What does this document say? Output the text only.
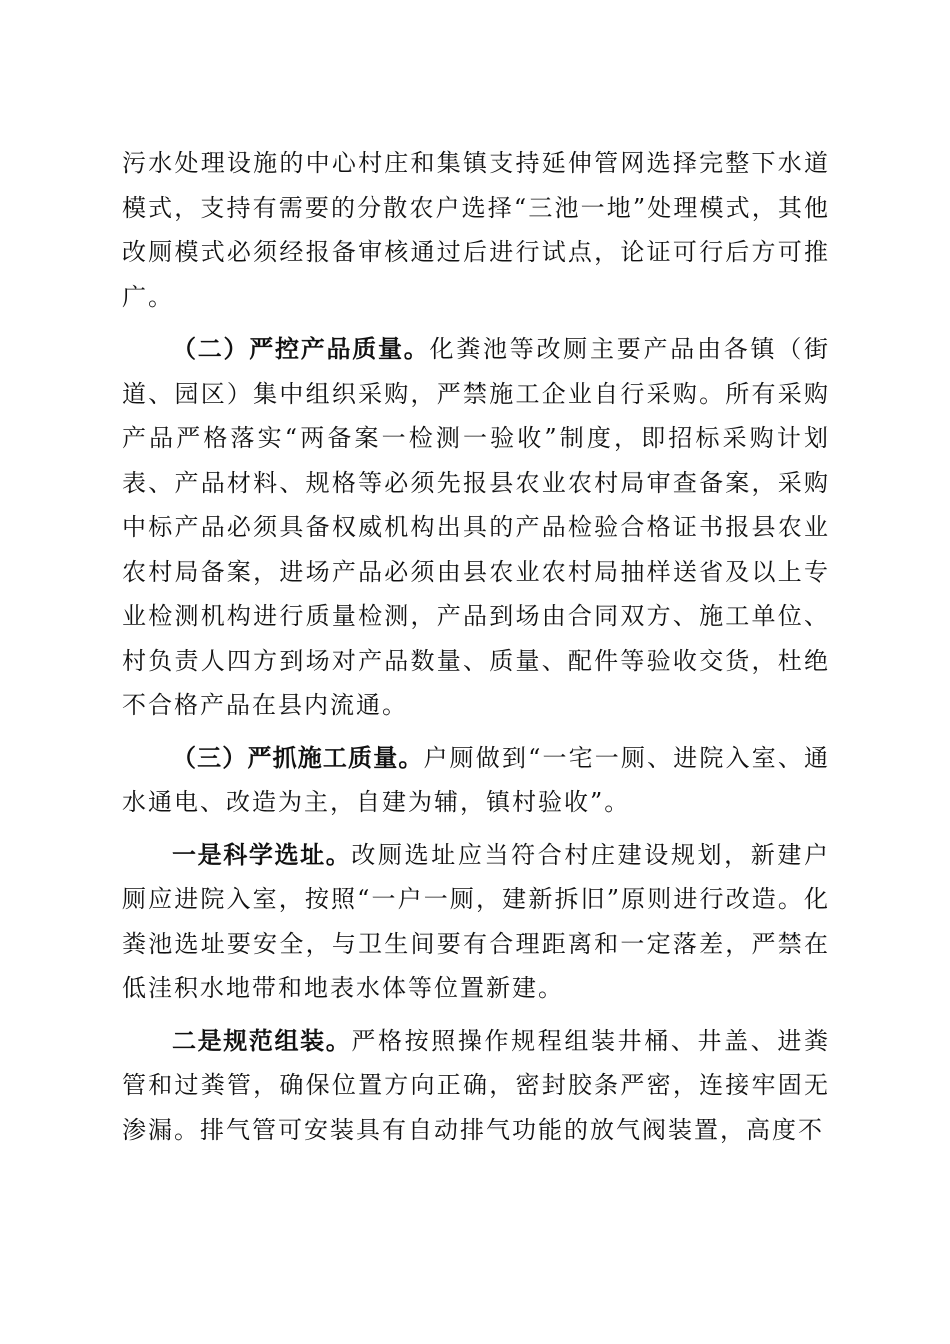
污水处理设施的中心村庄和集镇支持延伸管网选择完整下水道模式，支持有需要的分散农户选择“三池一地”处理模式，其他改厕模式必须经报备审核通过后进行试点，论证可行后方可推广。

（二）严控产品质量。化粪池等改厕主要产品由各镇（街道、园区）集中组织采购，严禁施工企业自行采购。所有采购产品严格落实“两备案一检测一验收”制度，即招标采购计划表、产品材料、规格等必须先报县农业农村局审查备案，采购中标产品必须具备权威机构出具的产品检验合格证书报县农业农村局备案，进场产品必须由县农业农村局抽样送省及以上专业检测机构进行质量检测，产品到场由合同双方、施工单位、村负责人四方到场对产品数量、质量、配件等验收交货，杜绝不合格产品在县内流通。

（三）严抓施工质量。户厕做到“一宅一厕、进院入室、通水通电、改造为主，自建为辅，镇村验收”。

一是科学选址。改厕选址应当符合村庄建设规划，新建户厕应进院入室，按照“一户一厕，建新拆旧”原则进行改造。化粪池选址要安全，与卫生间要有合理距离和一定落差，严禁在低洼积水地带和地表水体等位置新建。

二是规范组装。严格按照操作规程组装井桶、井盖、进粪管和过粪管，确保位置方向正确，密封胶条严密，连接牢固无渗漏。排气管可安装具有自动排气功能的放气阀装置，高度不
